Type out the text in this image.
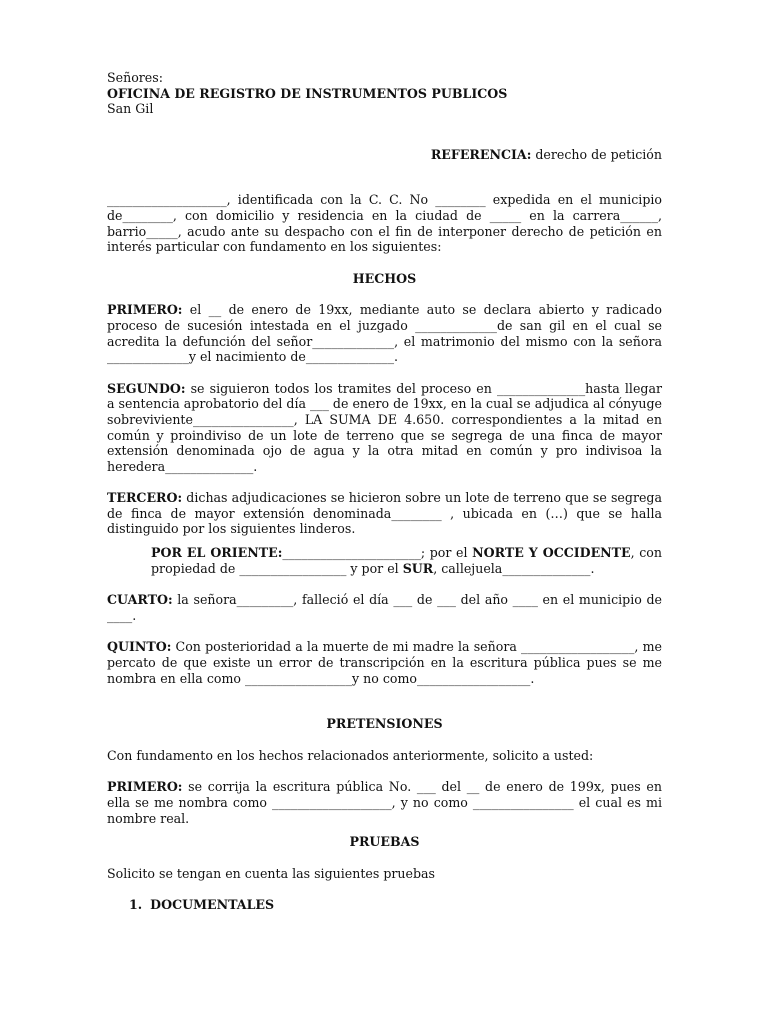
Señores:

OFICINA DE REGISTRO DE INSTRUMENTOS PUBLICOS

San Gil

REFERENCIA: derecho de petición

___________________, identificada con la C. C. No ________ expedida en el municipio de________, con domicilio y residencia en la ciudad de _____ en la carrera______, barrio_____, acudo ante su despacho con el fin de interponer derecho de petición en interés particular con fundamento en los siguientes:

HECHOS

PRIMERO: el __ de enero de 19xx, mediante auto se declara abierto y radicado proceso de sucesión intestada en el juzgado _____________de san gil en el cual se acredita la defunción del señor_____________, el matrimonio del mismo con la señora _____________y el nacimiento de______________.

SEGUNDO: se siguieron todos los tramites del proceso en ______________hasta llegar a sentencia aprobatorio del día ___ de enero de 19xx, en la cual se adjudica al cónyuge sobreviviente________________, LA SUMA DE 4.650. correspondientes a la mitad en común y proindiviso de un lote de terreno que se segrega de una finca de mayor extensión denominada ojo de agua y la otra mitad en común y pro indivisoa la heredera______________.

TERCERO: dichas adjudicaciones se hicieron sobre un lote de terreno que se segrega de finca de mayor extensión denominada________ , ubicada en (…) que se halla distinguido por los siguientes linderos.

POR EL ORIENTE:______________________; por el NORTE Y OCCIDENTE, con propiedad de _________________ y por el SUR, callejuela______________.

CUARTO: la señora_________, falleció el día ___ de ___ del año ____ en el municipio de ____.

QUINTO: Con posterioridad a la muerte de mi madre la señora __________________, me percato de que existe un error de transcripción en la escritura pública pues se me nombra en ella como _________________y no como__________________.

PRETENSIONES

Con fundamento en los hechos relacionados anteriormente, solicito a usted:

PRIMERO: se corrija la escritura pública No. ___ del __ de enero de 199x, pues en ella se me nombra como ___________________, y no como ________________ el cual es mi nombre real.

PRUEBAS

Solicito se tengan en cuenta las siguientes pruebas

1. DOCUMENTALES
